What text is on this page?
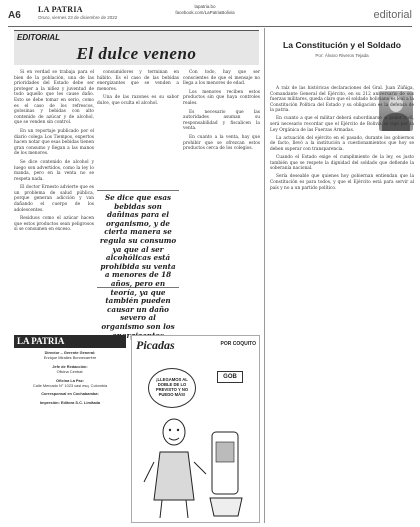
A6
LA PATRIA
Oruro, viernes 23 de diciembre de 2022
lapatria.bo
facebook.com/LaPatriaBolivia	editorial
EDITORIAL
El dulce veneno

Si en verdad se trabaja para el bien de la población, una de las prioridades del Estado debe ser proteger a la niñez y juventud de todo aquello que les cause daño. Esto se debe tomar en serio, como es el caso de los refrescos, golosinas y bebidas con alto contenido de azúcar y de alcohol, que se venden sin control.

En un reportaje publicado por el diario colega Los Tiempos, expertos hacen notar que esas bebidas tienen gran consumo y llegan a las manos de los menores.

Se dice contenido de alcohol y luego son advertidos, como la ley lo manda, pero en la venta no se respeta nada.

El doctor Ernesto advierte que es un problema de salud pública, porque generan adicción y van dañando el cuerpo de los adolescentes.

Residuos como el azúcar hacen que estos productos sean peligrosos si se consumen en exceso.

consumidores y terminan en hábito. Es el caso de las bebidas energizantes que se venden a menores.

Una de las razones es su sabor dulce, que oculta el alcohol.

Se dice que esas bebidas son dañinas para el organismo, y de cierta manera se regula su consumo ya que al ser alcohólicas está prohibida su venta a menores de 18 años, pero en teoría, ya que también pueden causar un daño severo al organismo son los

Con todo, hay que ser conscientes de que el mensaje no llega a los menores de edad.

Los menores reciben estos productos sin que haya controles reales.

Es necesario que las autoridades asuman su responsabilidad y fiscalicen la venta.

En cuanto a la venta, hay que prohibir que se ofrezcan estos productos cerca de los colegios.

La Constitución y el Soldado
Por: Álvaro Riveros Tejada

A raíz de las históricas declaraciones del Gral. Juan Zúñiga, Comandante General del Ejército, en su 212 aniversario de sus fuerzas militares, queda claro que el soldado boliviano es leal a la Constitución Política del Estado y su obligación es la defensa de la patria.

En cuanto a que el militar deberá subordinarse al poder civil, será necesario recordar que el Ejército de Bolivia se rige por la Ley Orgánica de las Fuerzas Armadas.

La actuación del ejército en el pasado, durante los gobiernos de facto, llevó a la institución a cuestionamientos que hoy se deben superar con transparencia.

Cuando el Estado exige el cumplimiento de la ley, es justo también que se respete la dignidad del soldado que defiende la soberanía nacional.

Sería deseable que quienes hoy gobiernan entiendan que la Constitución es para todos, y que el Ejército está para servir al país y no a un partido político.

LA PATRIA
Director – Gerente General:
Enrique Miralles Bonnecarrère
Jefe de Redacción:
Oficina Central:
Oficina La Paz:
Calle Mercado N° 1023 casi esq. Colombia
Corresponsal en Cochabamba:
Impresión: Editora S.C. Limitada
Picadas	POR COQUITO
¡LLEGAMOS AL DOBLE DE LO PREVISTO Y NO PUEDO MÁS!
GOB
